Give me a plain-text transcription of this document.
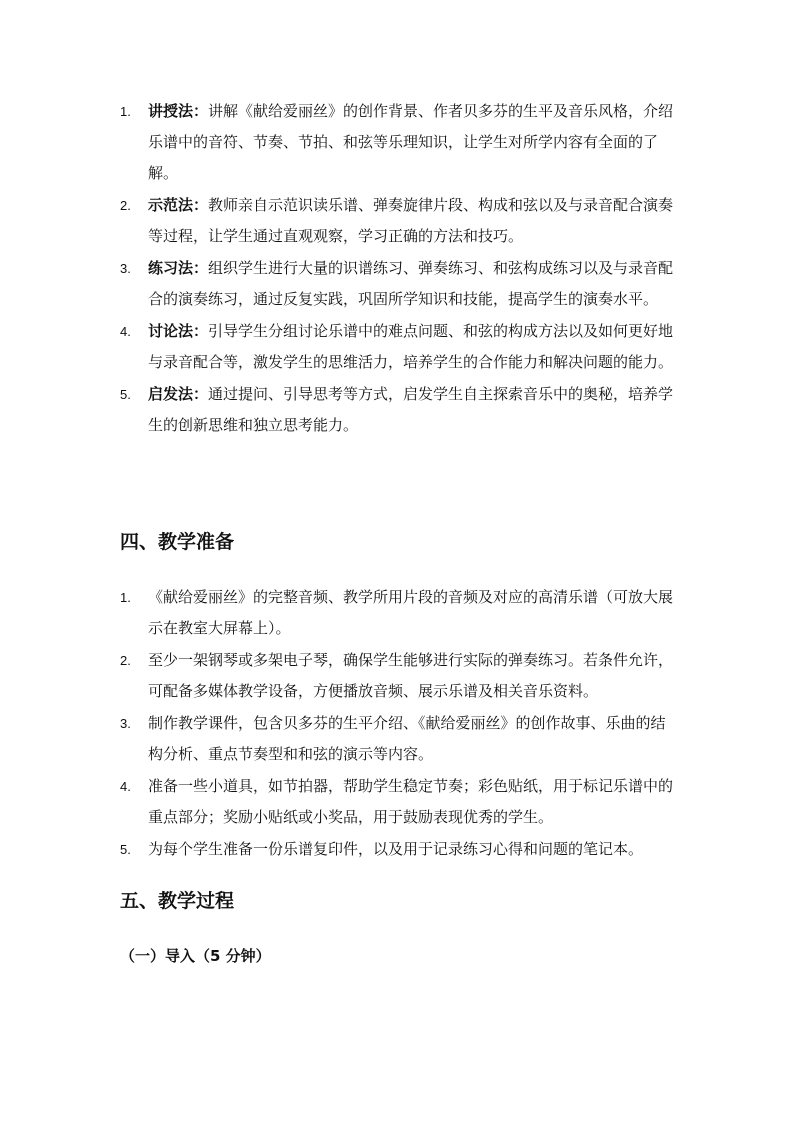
1. 讲授法：讲解《献给爱丽丝》的创作背景、作者贝多芬的生平及音乐风格，介绍乐谱中的音符、节奏、节拍、和弦等乐理知识，让学生对所学内容有全面的了解。
2. 示范法：教师亲自示范识读乐谱、弹奏旋律片段、构成和弦以及与录音配合演奏等过程，让学生通过直观观察，学习正确的方法和技巧。
3. 练习法：组织学生进行大量的识谱练习、弹奏练习、和弦构成练习以及与录音配合的演奏练习，通过反复实践，巩固所学知识和技能，提高学生的演奏水平。
4. 讨论法：引导学生分组讨论乐谱中的难点问题、和弦的构成方法以及如何更好地与录音配合等，激发学生的思维活力，培养学生的合作能力和解决问题的能力。
5. 启发法：通过提问、引导思考等方式，启发学生自主探索音乐中的奥秘，培养学生的创新思维和独立思考能力。
四、教学准备
1. 《献给爱丽丝》的完整音频、教学所用片段的音频及对应的高清乐谱（可放大展示在教室大屏幕上）。
2. 至少一架钢琴或多架电子琴，确保学生能够进行实际的弹奏练习。若条件允许，可配备多媒体教学设备，方便播放音频、展示乐谱及相关音乐资料。
3. 制作教学课件，包含贝多芬的生平介绍、《献给爱丽丝》的创作故事、乐曲的结构分析、重点节奏型和和弦的演示等内容。
4. 准备一些小道具，如节拍器，帮助学生稳定节奏；彩色贴纸，用于标记乐谱中的重点部分；奖励小贴纸或小奖品，用于鼓励表现优秀的学生。
5. 为每个学生准备一份乐谱复印件，以及用于记录练习心得和问题的笔记本。
五、教学过程
（一）导入（5 分钟）
